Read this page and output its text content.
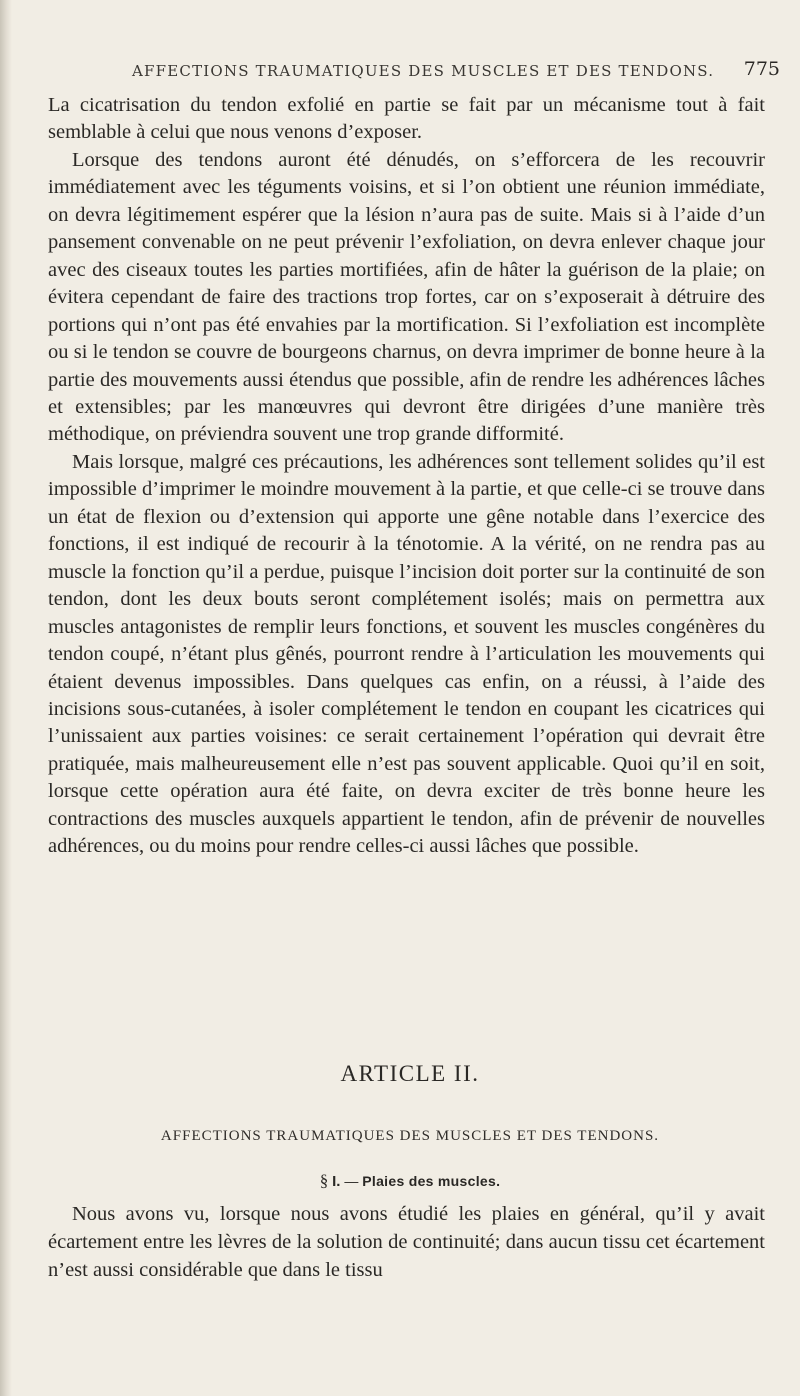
AFFECTIONS TRAUMATIQUES DES MUSCLES ET DES TENDONS. 775

La cicatrisation du tendon exfolié en partie se fait par un mécanisme tout à fait semblable à celui que nous venons d’exposer.

Lorsque des tendons auront été dénudés, on s’efforcera de les recouvrir immédiatement avec les téguments voisins, et si l’on obtient une réunion immédiate, on devra légitimement espérer que la lésion n’aura pas de suite. Mais si à l’aide d’un pansement convenable on ne peut prévenir l’exfoliation, on devra enlever chaque jour avec des ciseaux toutes les parties mortifiées, afin de hâter la guérison de la plaie; on évitera cependant de faire des tractions trop fortes, car on s’exposerait à détruire des portions qui n’ont pas été envahies par la mortification. Si l’exfoliation est incomplète ou si le tendon se couvre de bourgeons charnus, on devra imprimer de bonne heure à la partie des mouvements aussi étendus que possible, afin de rendre les adhérences lâches et extensibles; par les manœuvres qui devront être dirigées d’une manière très méthodique, on préviendra souvent une trop grande difformité.

Mais lorsque, malgré ces précautions, les adhérences sont tellement solides qu’il est impossible d’imprimer le moindre mouvement à la partie, et que celle-ci se trouve dans un état de flexion ou d’extension qui apporte une gêne notable dans l’exercice des fonctions, il est indiqué de recourir à la ténotomie. A la vérité, on ne rendra pas au muscle la fonction qu’il a perdue, puisque l’incision doit porter sur la continuité de son tendon, dont les deux bouts seront complétement isolés; mais on permettra aux muscles antagonistes de remplir leurs fonctions, et souvent les muscles congénères du tendon coupé, n’étant plus gênés, pourront rendre à l’articulation les mouvements qui étaient devenus impossibles. Dans quelques cas enfin, on a réussi, à l’aide des incisions sous-cutanées, à isoler complétement le tendon en coupant les cicatrices qui l’unissaient aux parties voisines: ce serait certainement l’opération qui devrait être pratiquée, mais malheureusement elle n’est pas souvent applicable. Quoi qu’il en soit, lorsque cette opération aura été faite, on devra exciter de très bonne heure les contractions des muscles auxquels appartient le tendon, afin de prévenir de nouvelles adhérences, ou du moins pour rendre celles-ci aussi lâches que possible.

ARTICLE II.
AFFECTIONS TRAUMATIQUES DES MUSCLES ET DES TENDONS.
§ I. — Plaies des muscles.

Nous avons vu, lorsque nous avons étudié les plaies en général, qu’il y avait écartement entre les lèvres de la solution de continuité; dans aucun tissu cet écartement n’est aussi considérable que dans le tissu
